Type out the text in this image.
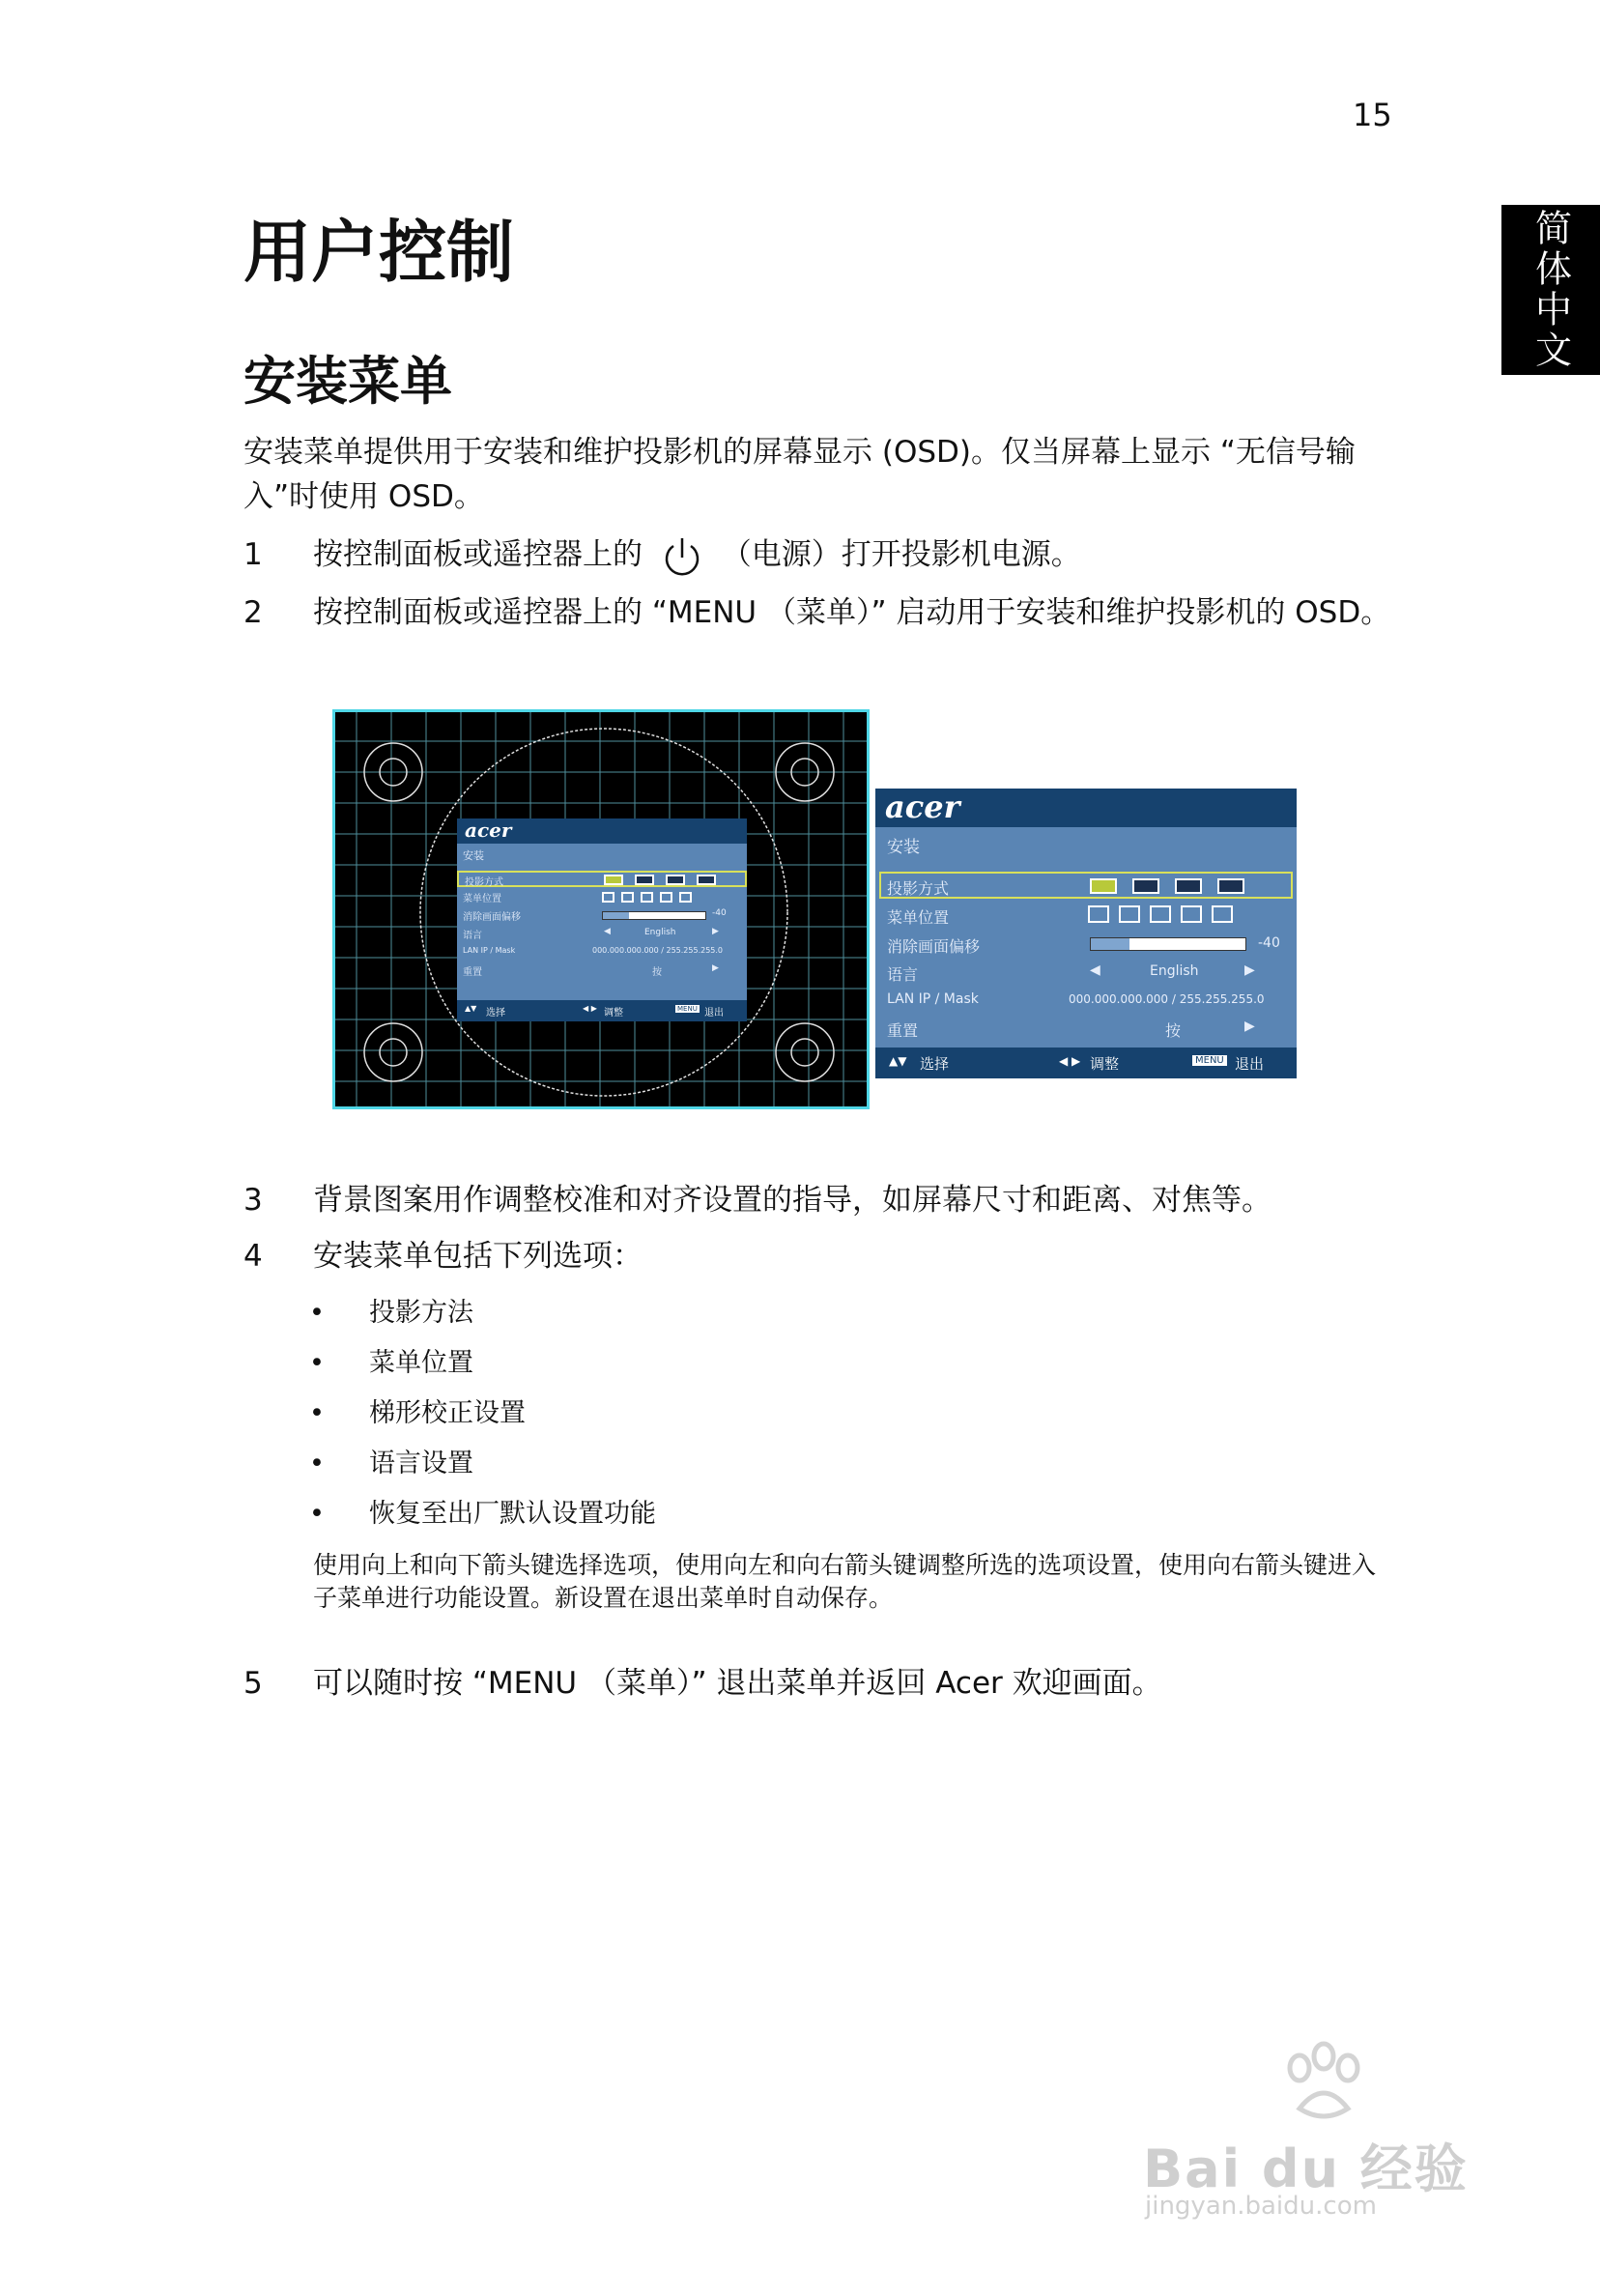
15
简体中文
用户控制
安装菜单
安装菜单提供用于安装和维护投影机的屏幕显示 (OSD)。仅当屏幕上显示 “无信号输入”时使用 OSD。
1 按控制面板或遥控器上的	（电源）打开投影机电源。
2 按控制面板或遥控器上的 “MENU （菜单）” 启动用于安装和维护投影机的 OSD。
acer
安装
投影方式
菜单位置
消除画面偏移	-40
语言	◀	English	▶
LAN IP / Mask	000.000.000.000 / 255.255.255.0
重置	按	▶
▲▼ 选择	◀ ▶ 调整	MENU 退出
acer
安装
投影方式
菜单位置
消除画面偏移	-40
语言	◀	English	▶
LAN IP / Mask	000.000.000.000 / 255.255.255.0
重置	按	▶
▲▼ 选择	◀ ▶ 调整	MENU 退出
3 背景图案用作调整校准和对齐设置的指导，如屏幕尺寸和距离、对焦等。
4 安装菜单包括下列选项：
• 投影方法
• 菜单位置
• 梯形校正设置
• 语言设置
• 恢复至出厂默认设置功能
使用向上和向下箭头键选择选项，使用向左和向右箭头键调整所选的选项设置，使用向右箭头键进入子菜单进行功能设置。新设置在退出菜单时自动保存。
5 可以随时按 “MENU （菜单）” 退出菜单并返回 Acer 欢迎画面。
Bai du 经验
jingyan.baidu.com
